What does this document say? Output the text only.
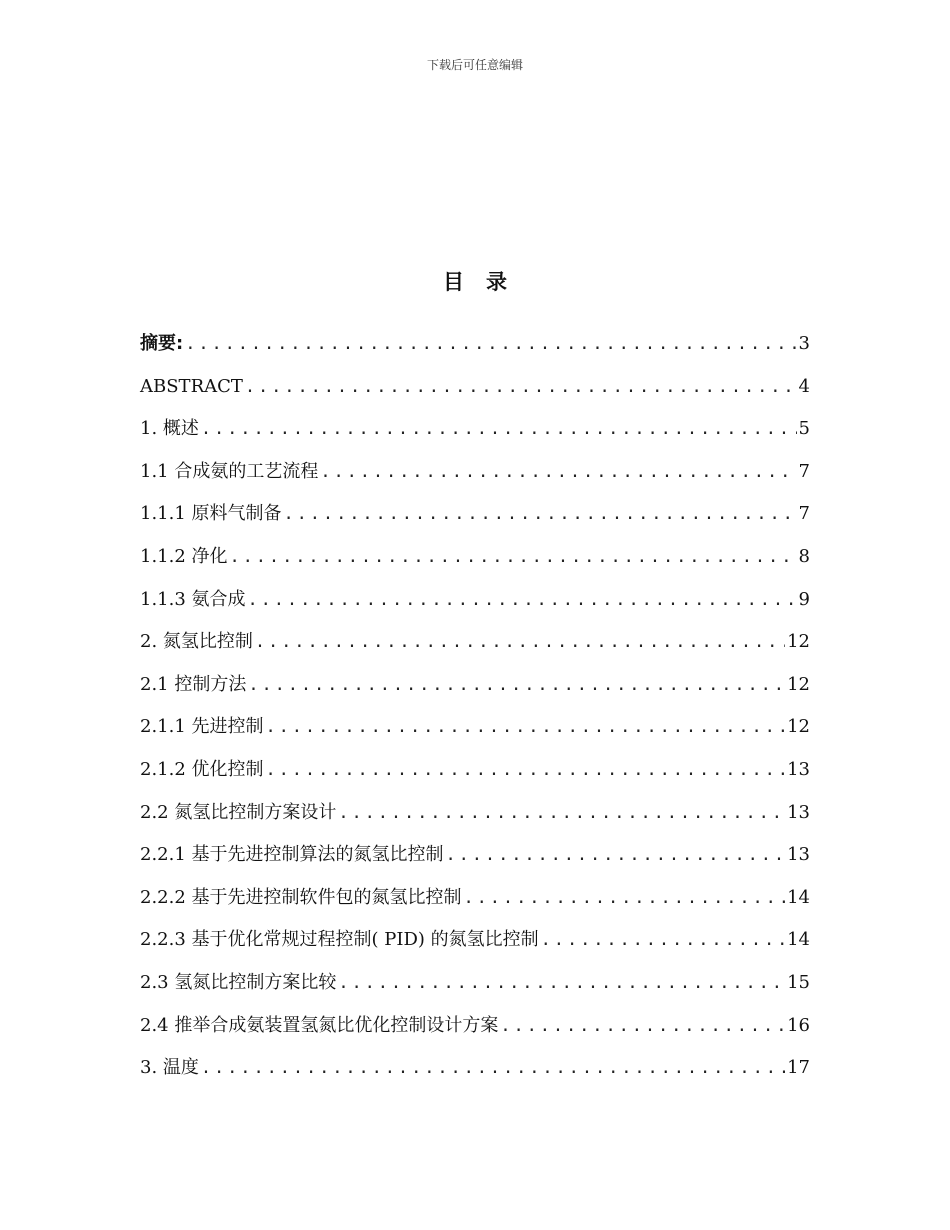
下载后可任意编辑
目录
摘要: .....	3
ABSTRACT .....	4
1. 概述 .....	5
1.1 合成氨的工艺流程 .....	7
1.1.1 原料气制备 .....	7
1.1.2 净化 .....	8
1.1.3 氨合成 .....	9
2. 氮氢比控制 .....	12
2.1 控制方法 .....	12
2.1.1 先进控制 .....	12
2.1.2 优化控制 .....	13
2.2 氮氢比控制方案设计 .....	13
2.2.1 基于先进控制算法的氮氢比控制 .....	13
2.2.2 基于先进控制软件包的氮氢比控制 .....	14
2.2.3 基于优化常规过程控制( PID) 的氮氢比控制 .....	14
2.3 氢氮比控制方案比较 .....	15
2.4 推举合成氨装置氢氮比优化控制设计方案 .....	16
3. 温度 .....	17
